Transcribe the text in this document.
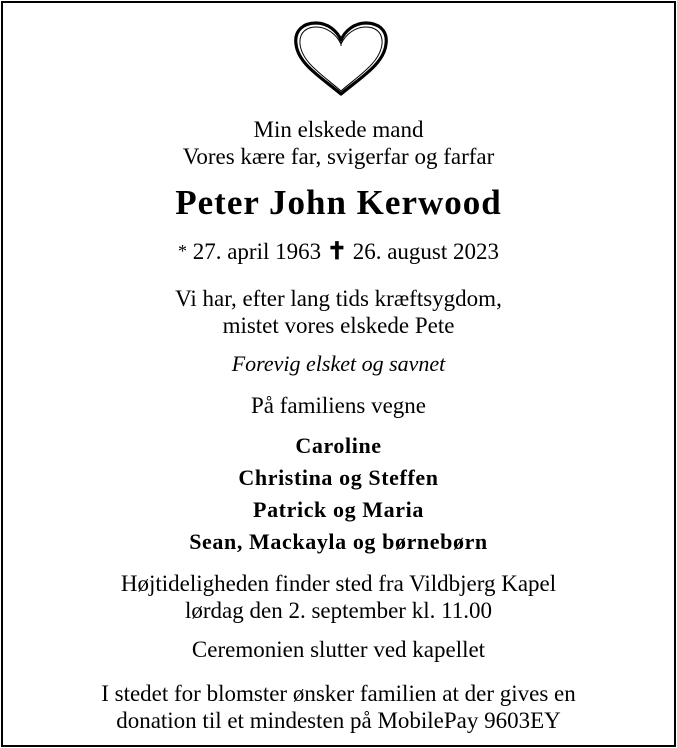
Min elskede mand
Vores kære far, svigerfar og farfar
Peter John Kerwood
* 27. april 1963 ✝ 26. august 2023
Vi har, efter lang tids kræftsygdom,
mistet vores elskede Pete
Forevig elsket og savnet
På familiens vegne
Caroline
Christina og Steffen
Patrick og Maria
Sean, Mackayla og børnebørn
Højtideligheden finder sted fra Vildbjerg Kapel
lørdag den 2. september kl. 11.00
Ceremonien slutter ved kapellet
I stedet for blomster ønsker familien at der gives en
donation til et mindesten på MobilePay 9603EY
